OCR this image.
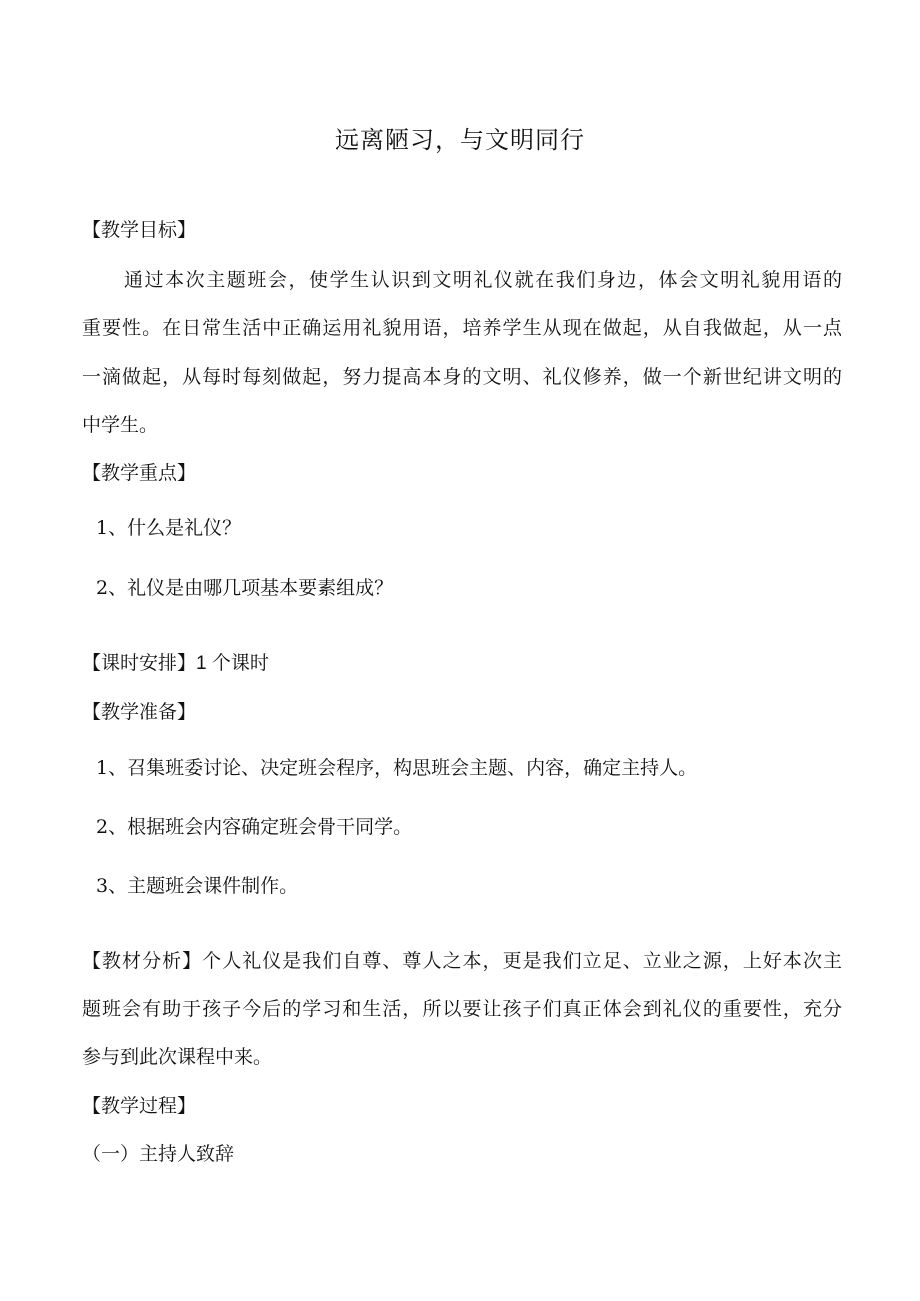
远离陋习，与文明同行
【教学目标】
通过本次主题班会，使学生认识到文明礼仪就在我们身边，体会文明礼貌用语的
重要性。在日常生活中正确运用礼貌用语，培养学生从现在做起，从自我做起，从一点
一滴做起，从每时每刻做起，努力提高本身的文明、礼仪修养，做一个新世纪讲文明的
中学生。
【教学重点】
1、什么是礼仪？
2、礼仪是由哪几项基本要素组成？
【课时安排】1 个课时
【教学准备】
1、召集班委讨论、决定班会程序，构思班会主题、内容，确定主持人。
2、根据班会内容确定班会骨干同学。
3、主题班会课件制作。
【教材分析】个人礼仪是我们自尊、尊人之本，更是我们立足、立业之源，上好本次主
题班会有助于孩子今后的学习和生活，所以要让孩子们真正体会到礼仪的重要性，充分
参与到此次课程中来。
【教学过程】
（一）主持人致辞
